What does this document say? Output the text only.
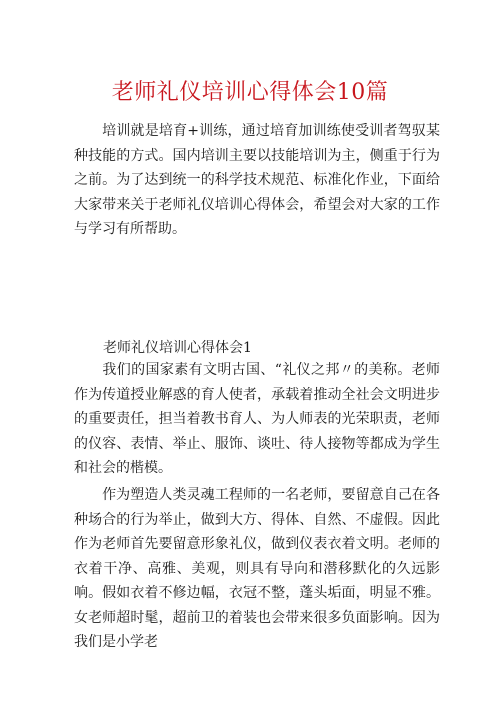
老师礼仪培训心得体会10篇
培训就是培育+训练，通过培育加训练使受训者驾驭某种技能的方式。国内培训主要以技能培训为主，侧重于行为之前。为了达到统一的科学技术规范、标准化作业，下面给大家带来关于老师礼仪培训心得体会，希望会对大家的工作与学习有所帮助。
老师礼仪培训心得体会1
我们的国家素有文明古国、“礼仪之邦〃的美称。老师作为传道授业解惑的育人使者，承载着推动全社会文明进步的重要责任，担当着教书育人、为人师表的光荣职责，老师的仪容、表情、举止、服饰、谈吐、待人接物等都成为学生和社会的楷模。
作为塑造人类灵魂工程师的一名老师，要留意自己在各种场合的行为举止，做到大方、得体、自然、不虚假。因此作为老师首先要留意形象礼仪，做到仪表衣着文明。老师的衣着干净、高雅、美观，则具有导向和潜移默化的久远影响。假如衣着不修边幅，衣冠不整，蓬头垢面，明显不雅。女老师超时髦，超前卫的着装也会带来很多负面影响。因为我们是小学老
